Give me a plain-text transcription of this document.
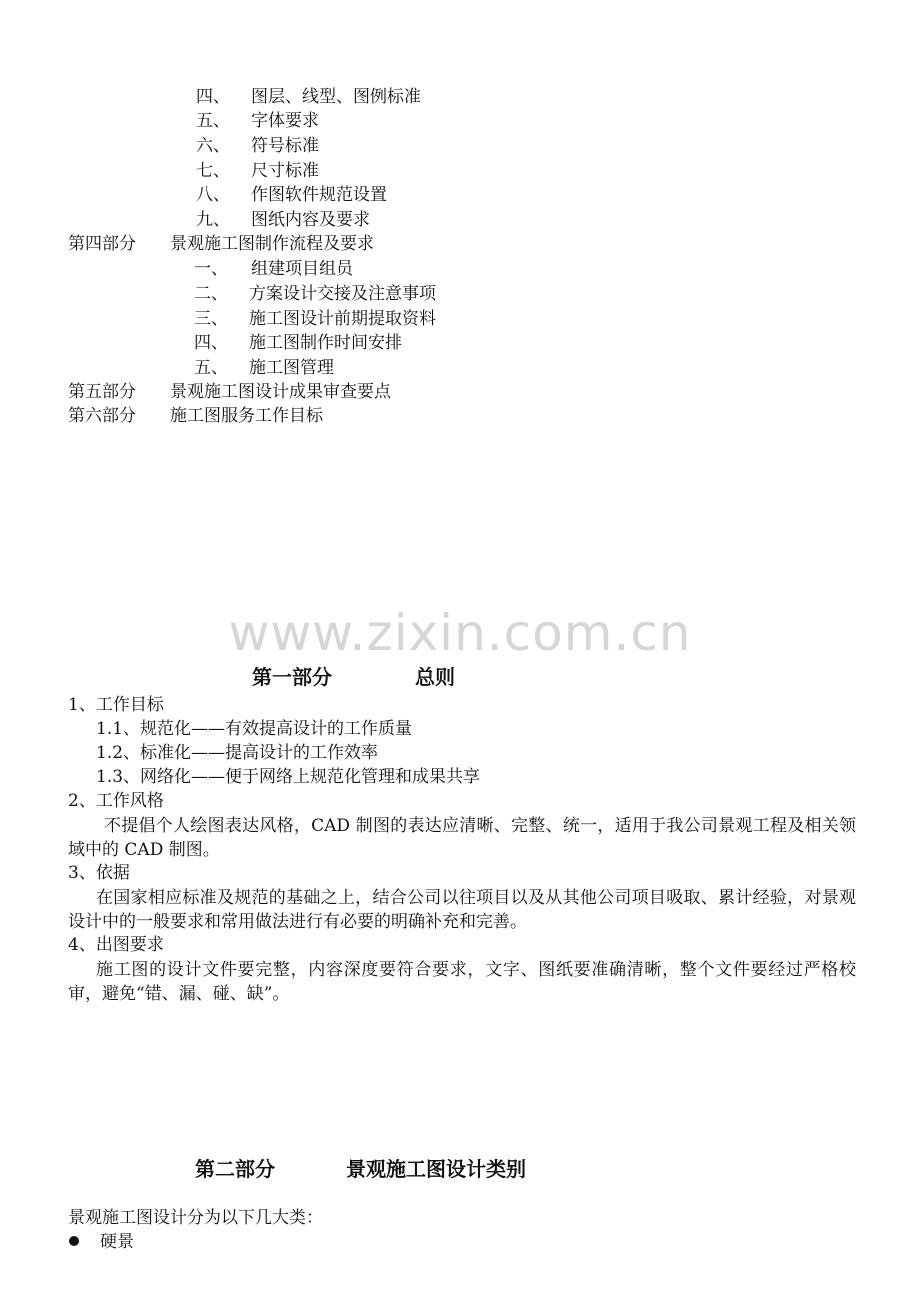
四、 图层、线型、图例标准
五、 字体要求
六、 符号标准
七、 尺寸标准
八、 作图软件规范设置
九、 图纸内容及要求
第四部分 景观施工图制作流程及要求
一、 组建项目组员
二、 方案设计交接及注意事项
三、 施工图设计前期提取资料
四、 施工图制作时间安排
五、 施工图管理
第五部分 景观施工图设计成果审查要点
第六部分 施工图服务工作目标
www.zixin.com.cn
第一部分	总则
1、工作目标
1.1、规范化——有效提高设计的工作质量
1.2、标准化——提高设计的工作效率
1.3、网络化——便于网络上规范化管理和成果共享
2、工作风格
不提倡个人绘图表达风格，CAD 制图的表达应清晰、完整、统一，适用于我公司景观工程及相关领域中的 CAD 制图。
3、依据
在国家相应标准及规范的基础之上，结合公司以往项目以及从其他公司项目吸取、累计经验，对景观设计中的一般要求和常用做法进行有必要的明确补充和完善。
4、出图要求
施工图的设计文件要完整，内容深度要符合要求，文字、图纸要准确清晰，整个文件要经过严格校审，避免“错、漏、碰、缺”。
第二部分	景观施工图设计类别
景观施工图设计分为以下几大类：
硬景
